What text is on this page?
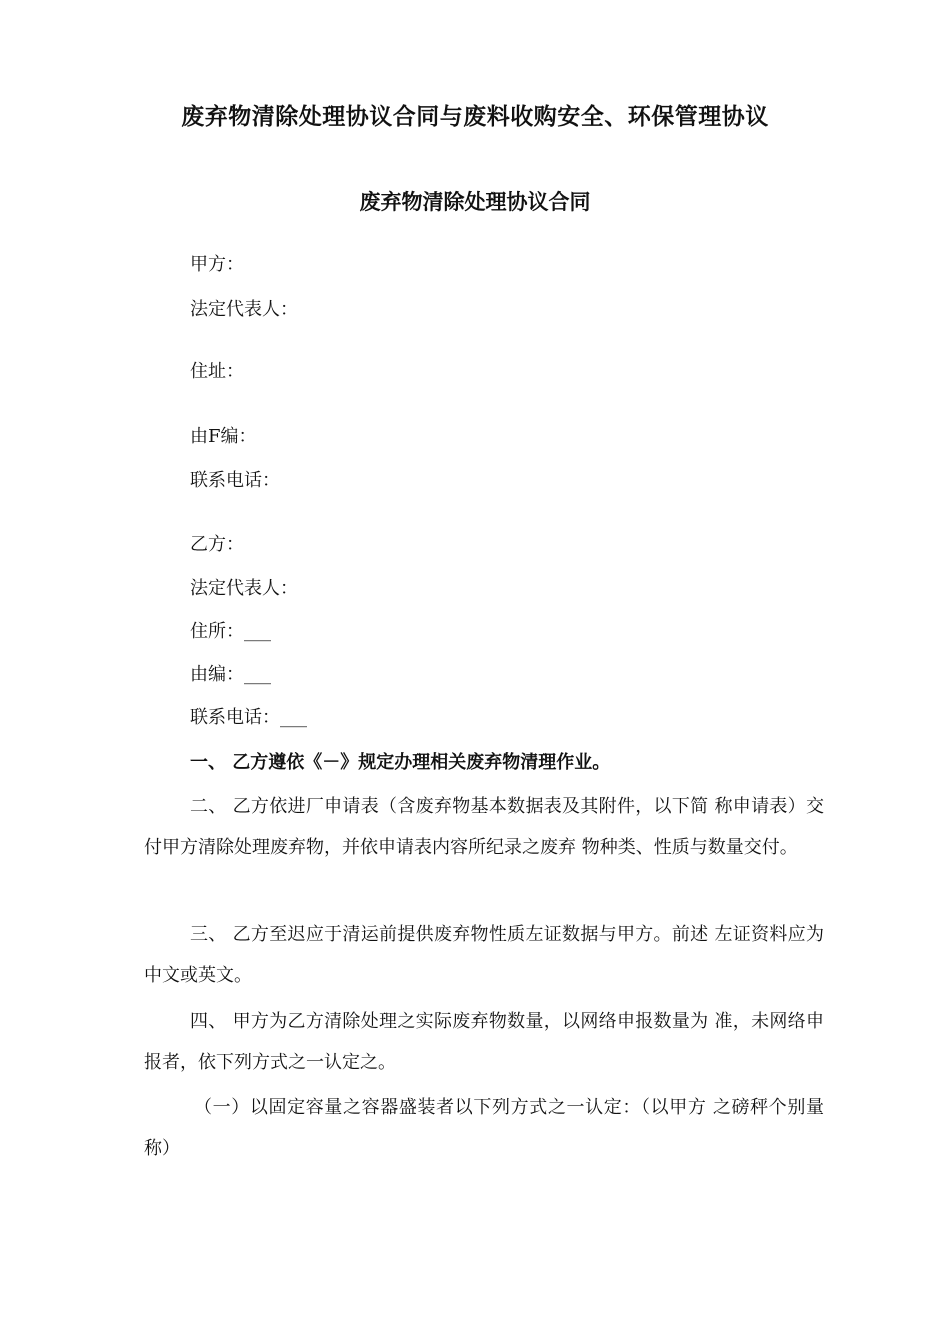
废弃物清除处理协议合同与废料收购安全、环保管理协议
废弃物清除处理协议合同
甲方：
法定代表人：
住址：
由F编：
联系电话：
乙方：
法定代表人：
住所：___
由编：___
联系电话：___
一、 乙方遵依《－》规定办理相关废弃物清理作业。
二、 乙方依进厂申请表（含废弃物基本数据表及其附件，以下简 称申请表）交付甲方清除处理废弃物，并依申请表内容所纪录之废弃 物种类、性质与数量交付。
三、 乙方至迟应于清运前提供废弃物性质左证数据与甲方。前述 左证资料应为中文或英文。
四、 甲方为乙方清除处理之实际废弃物数量，以网络申报数量为 准，未网络申报者，依下列方式之一认定之。
（一）以固定容量之容器盛装者以下列方式之一认定：（以甲方 之磅秤个别量称）
